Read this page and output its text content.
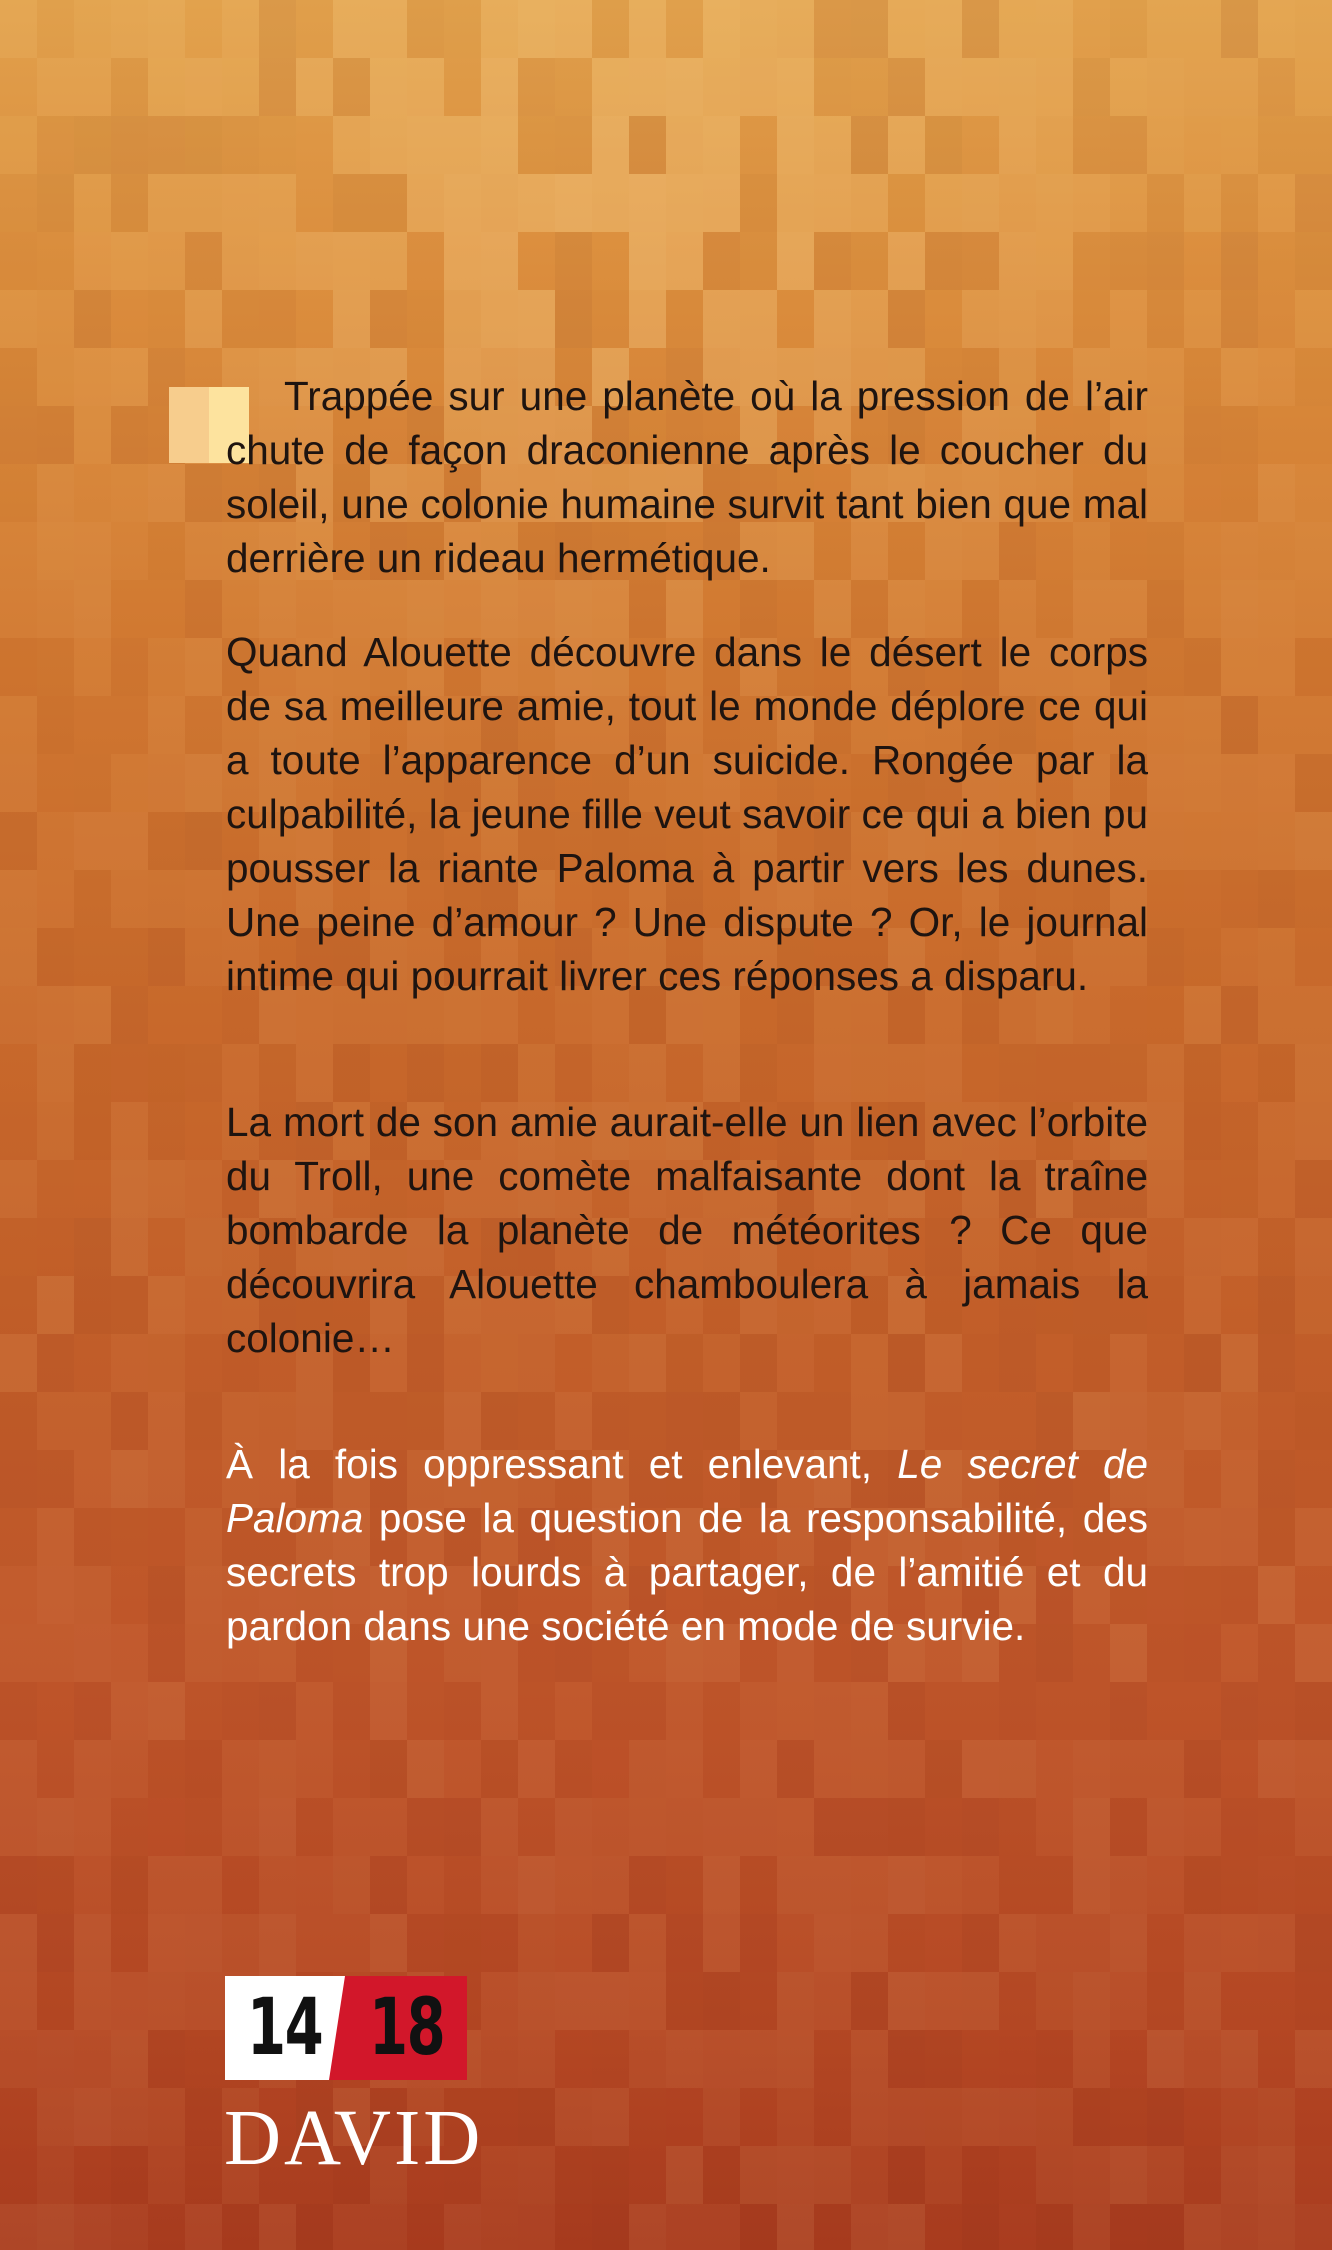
Trappée sur une planète où la pression de l’air chute de façon draconienne après le coucher du soleil, une colonie humaine survit tant bien que mal derrière un rideau hermétique.

Quand Alouette découvre dans le désert le corps de sa meilleure amie, tout le monde déplore ce qui a toute l’apparence d’un suicide. Rongée par la culpabilité, la jeune fille veut savoir ce qui a bien pu pousser la riante Paloma à partir vers les dunes. Une peine d’amour ? Une dispute ? Or, le journal intime qui pourrait livrer ces réponses a disparu.

La mort de son amie aurait-elle un lien avec l’orbite du Troll, une comète malfaisante dont la traîne bombarde la planète de météorites ? Ce que découvrira Alouette chamboulera à jamais la colonie…

À la fois oppressant et enlevant, Le secret de Paloma pose la question de la responsabilité, des secrets trop lourds à partager, de l’amitié et du pardon dans une société en mode de survie.

14 18
DAVID
